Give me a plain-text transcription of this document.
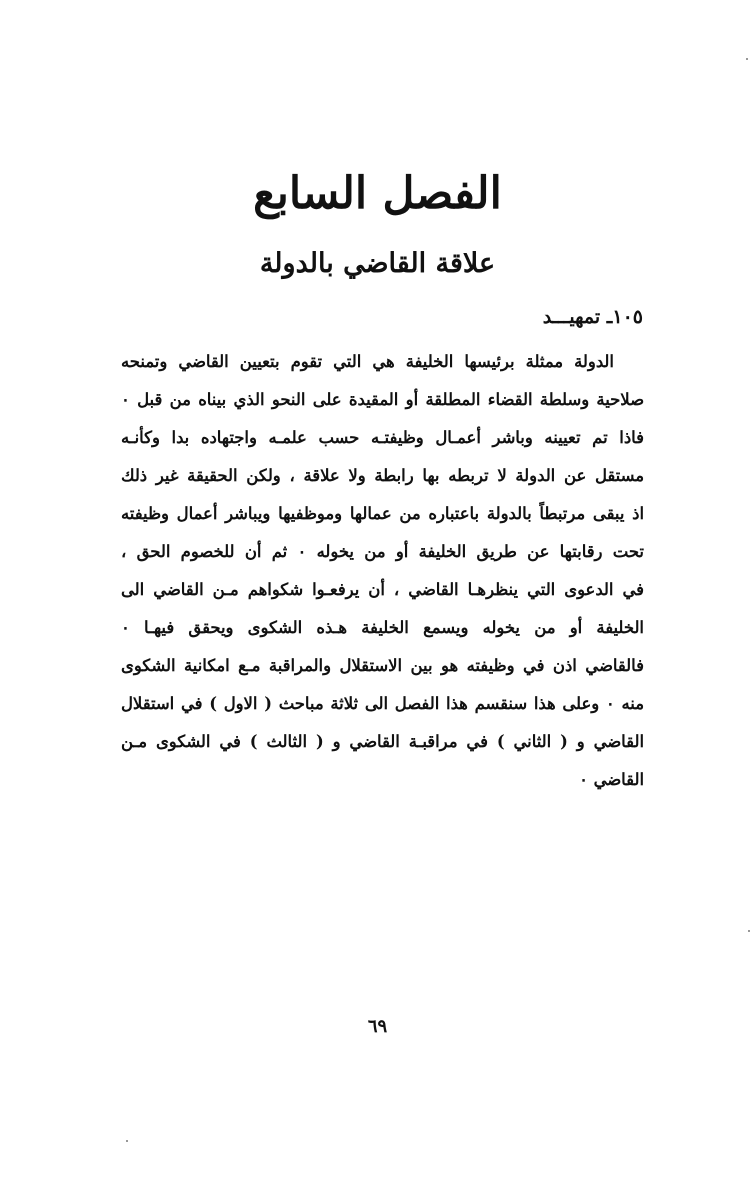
الفصل السابع
علاقة القاضي بالدولة
١٠٥ـ تمهيـــد
الدولة ممثلة برئيسها الخليفة هي التي تقوم بتعيين القاضي وتمنحه
صلاحية وسلطة القضاء المطلقة أو المقيدة على النحو الذي بيناه من قبل ٠
فاذا تم تعيينه وباشر أعمـال وظيفتـه حسب علمـه واجتهاده بدا وكأنـه
مستقل عن الدولة لا تربطه بها رابطة ولا علاقة ، ولكن الحقيقة غير ذلك
اذ يبقى مرتبطاً بالدولة باعتباره من عمالها وموظفيها ويباشر أعمال وظيفته
تحت رقابتها عن طريق الخليفة أو من يخوله ٠ ثم أن للخصوم الحق ،
في الدعوى التي ينظرهـا القاضي ، أن يرفعـوا شكواهم مـن القاضي الى
الخليفة أو من يخوله ويسمع الخليفة هـذه الشكوى ويحقق فيهـا ٠
فالقاضي اذن في وظيفته هو بين الاستقلال والمراقبة مـع امكانية الشكوى
منه ٠ وعلى هذا سنقسم هذا الفصل الى ثلاثة مباحث ( الاول ) في استقلال
القاضي و ( الثاني ) في مراقبـة القاضي و ( الثالث ) في الشكوى مـن
القاضي ٠
٦٩
